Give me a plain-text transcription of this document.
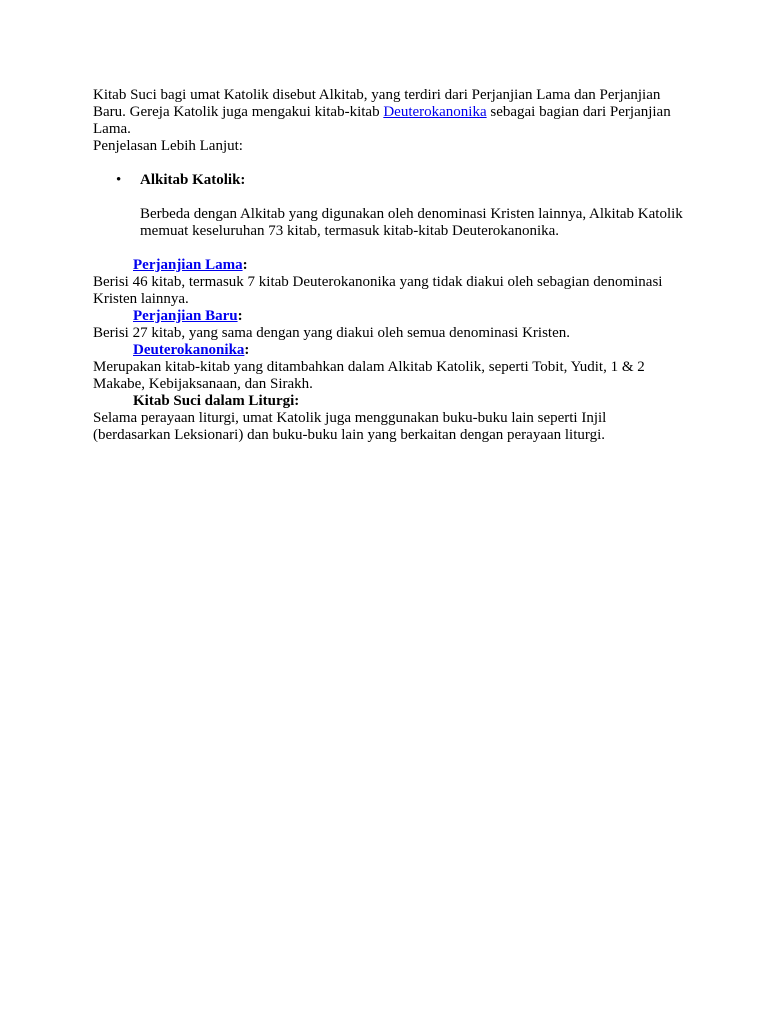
Kitab Suci bagi umat Katolik disebut Alkitab, yang terdiri dari Perjanjian Lama dan Perjanjian Baru. Gereja Katolik juga mengakui kitab-kitab Deuterokanonika sebagai bagian dari Perjanjian Lama.

Penjelasan Lebih Lanjut:

• Alkitab Katolik:

Berbeda dengan Alkitab yang digunakan oleh denominasi Kristen lainnya, Alkitab Katolik memuat keseluruhan 73 kitab, termasuk kitab-kitab Deuterokanonika.

Perjanjian Lama:

Berisi 46 kitab, termasuk 7 kitab Deuterokanonika yang tidak diakui oleh sebagian denominasi Kristen lainnya.

Perjanjian Baru:

Berisi 27 kitab, yang sama dengan yang diakui oleh semua denominasi Kristen.

Deuterokanonika:

Merupakan kitab-kitab yang ditambahkan dalam Alkitab Katolik, seperti Tobit, Yudit, 1 & 2 Makabe, Kebijaksanaan, dan Sirakh.

Kitab Suci dalam Liturgi:

Selama perayaan liturgi, umat Katolik juga menggunakan buku-buku lain seperti Injil (berdasarkan Leksionari) dan buku-buku lain yang berkaitan dengan perayaan liturgi.
